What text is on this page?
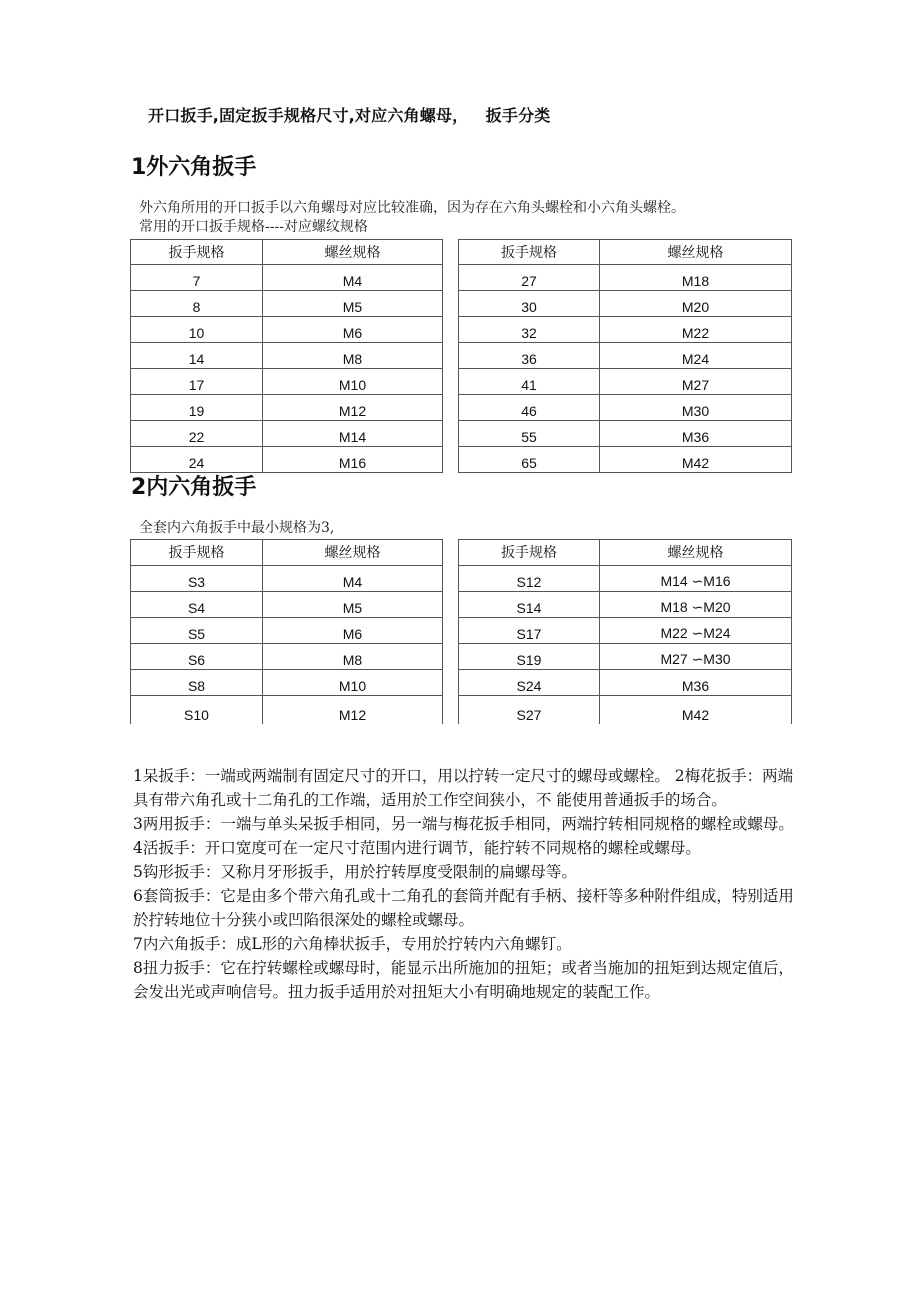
开口扳手,固定扳手规格尺寸,对应六角螺母，   扳手分类
1外六角扳手
外六角所用的开口扳手以六角螺母对应比较准确，因为存在六角头螺栓和小六角头螺栓。
常用的开口扳手规格----对应螺纹规格
扳手规格	螺丝规格		扳手规格	螺丝规格
7	M4		27	M18
8	M5		30	M20
10	M6		32	M22
14	M8		36	M24
17	M10		41	M27
19	M12		46	M30
22	M14		55	M36
24	M16		65	M42
2内六角扳手
全套内六角扳手中最小规格为3,
扳手规格	螺丝规格		扳手规格	螺丝规格
S3	M4		S12	M14 ∽M16
S4	M5		S14	M18 ∽M20
S5	M6		S17	M22 ∽M24
S6	M8		S19	M27 ∽M30
S8	M10		S24	M36
S10	M12		S27	M42

1呆扳手：一端或两端制有固定尺寸的开口，用以拧转一定尺寸的螺母或螺栓。 2梅花扳手：两端具有带六角孔或十二角孔的工作端，适用於工作空间狭小，不 能使用普通扳手的场合。

3两用扳手：一端与单头呆扳手相同，另一端与梅花扳手相同，两端拧转相同规格的螺栓或螺母。

4活扳手：开口宽度可在一定尺寸范围内进行调节，能拧转不同规格的螺栓或螺母。

5钩形扳手：又称月牙形扳手，用於拧转厚度受限制的扁螺母等。

6套筒扳手：它是由多个带六角孔或十二角孔的套筒并配有手柄、接杆等多种附件组成，特别适用於拧转地位十分狭小或凹陷很深处的螺栓或螺母。

7内六角扳手：成L形的六角棒状扳手，专用於拧转内六角螺钉。

8扭力扳手：它在拧转螺栓或螺母时，能显示出所施加的扭矩；或者当施加的扭矩到达规定值后，会发出光或声响信号。扭力扳手适用於对扭矩大小有明确地规定的装配工作。
